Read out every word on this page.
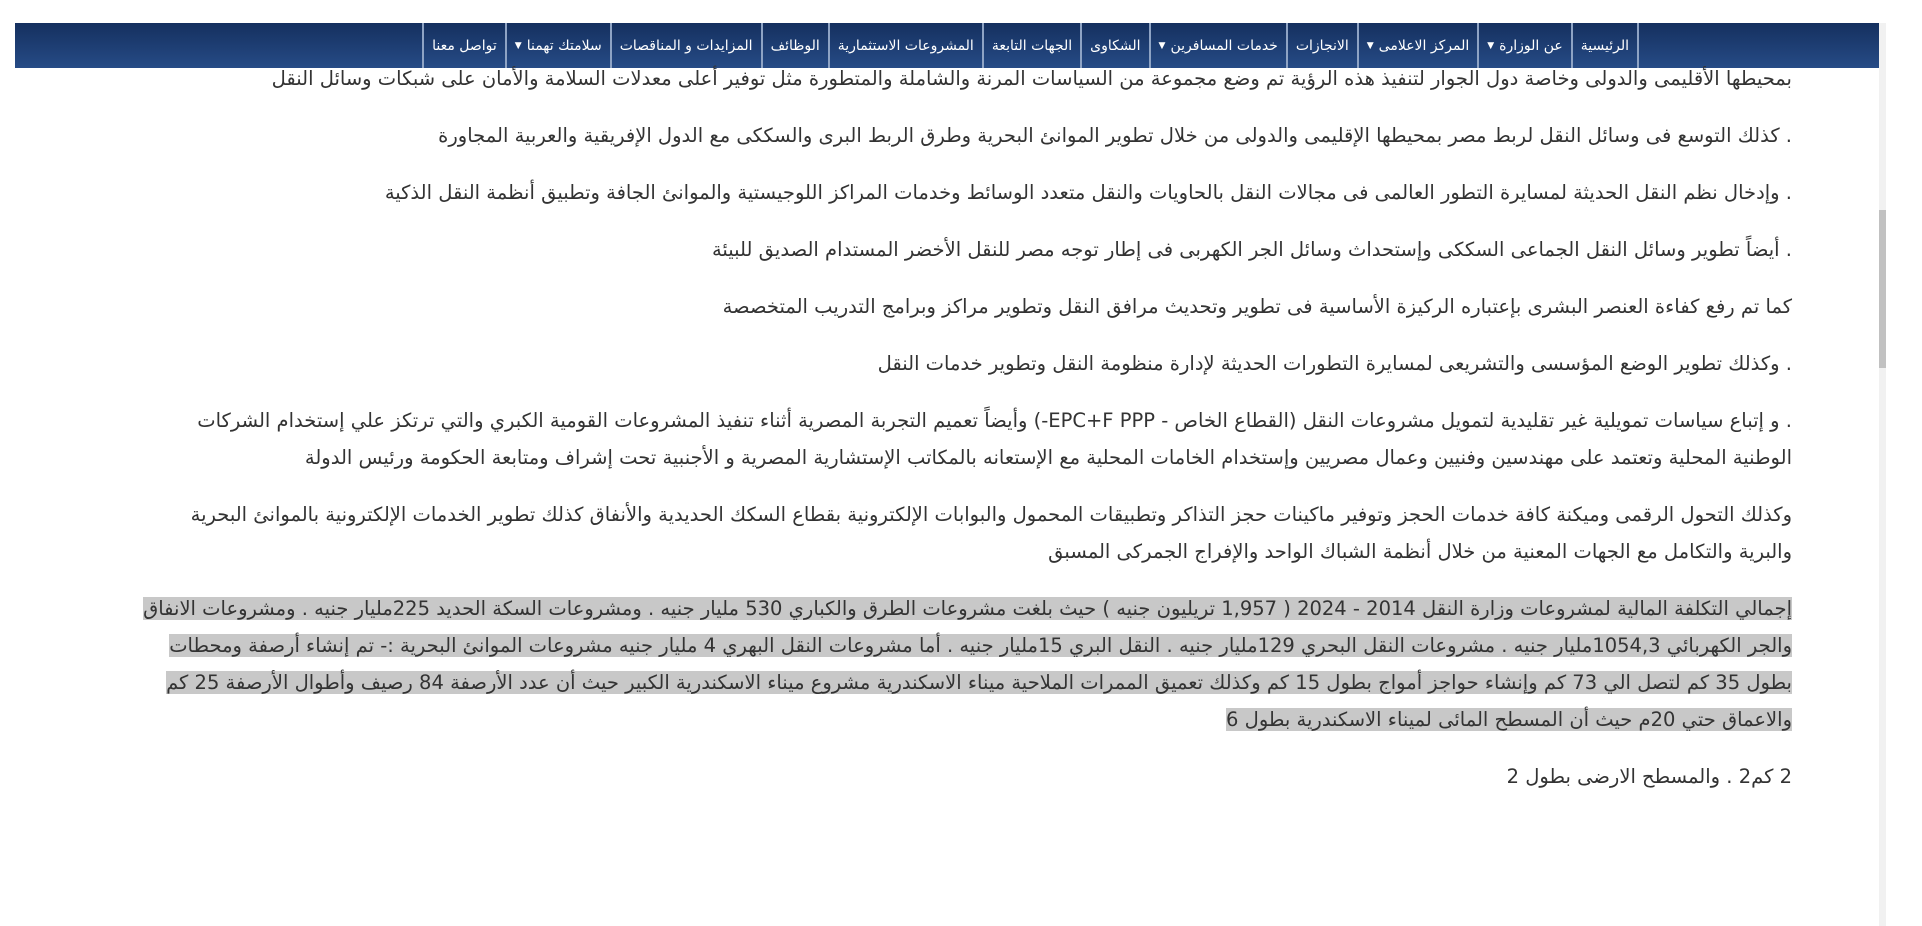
الرئيسية
عن الوزارة
▼
المركز الاعلامى
▼
الانجازات
خدمات المسافرين
▼
الشكاوى
الجهات التابعة
المشروعات الاستثمارية
الوظائف
المزايدات و المناقصات
سلامتك تهمنا
▼
تواصل معنا

بمحيطها الأقليمى والدولى وخاصة دول الجوار لتنفيذ هذه الرؤية تم وضع مجموعة من السياسات المرنة والشاملة والمتطورة مثل توفير أعلى معدلات السلامة والأمان على شبكات وسائل النقل

. كذلك التوسع فى وسائل النقل لربط مصر بمحيطها الإقليمى والدولى من خلال تطوير الموانئ البحرية وطرق الربط البرى والسككى مع الدول الإفريقية والعربية المجاورة

. وإدخال نظم النقل الحديثة لمسايرة التطور العالمى فى مجالات النقل بالحاويات والنقل متعدد الوسائط وخدمات المراكز اللوجيستية والموانئ الجافة وتطبيق أنظمة النقل الذكية

. أيضاً تطوير وسائل النقل الجماعى السككى وإستحداث وسائل الجر الكهربى فى إطار توجه مصر للنقل الأخضر المستدام الصديق للبيئة

كما تم رفع كفاءة العنصر البشرى بإعتباره الركيزة الأساسية فى تطوير وتحديث مرافق النقل وتطوير مراكز وبرامج التدريب المتخصصة

. وكذلك تطوير الوضع المؤسسى والتشريعى لمسايرة التطورات الحديثة لإدارة منظومة النقل وتطوير خدمات النقل

. و إتباع سياسات تمويلية غير تقليدية لتمويل مشروعات النقل (القطاع الخاص - EPC+F PPP-) وأيضاً تعميم التجربة المصرية أثناء تنفيذ المشروعات القومية الكبري والتي ترتكز علي إستخدام الشركات الوطنية المحلية وتعتمد على مهندسين وفنيين وعمال مصريين وإستخدام الخامات المحلية مع الإستعانه بالمكاتب الإستشارية المصرية و الأجنبية تحت إشراف ومتابعة الحكومة ورئيس الدولة

وكذلك التحول الرقمى وميكنة كافة خدمات الحجز وتوفير ماكينات حجز التذاكر وتطبيقات المحمول والبوابات الإلكترونية بقطاع السكك الحديدية والأنفاق كذلك تطوير الخدمات الإلكترونية بالموانئ البحرية والبرية والتكامل مع الجهات المعنية من خلال أنظمة الشباك الواحد والإفراج الجمركى المسبق

إجمالي التكلفة المالية لمشروعات وزارة النقل 2014 - 2024 ( 1,957 تريليون جنيه ) حيث بلغت مشروعات الطرق والكباري 530 مليار جنيه . ومشروعات السكة الحديد 225مليار جنيه . ومشروعات الانفاق والجر الكهربائي 1054,3مليار جنيه . مشروعات النقل البحري 129مليار جنيه . النقل البري 15مليار جنيه . أما مشروعات النقل البهري 4 مليار جنيه مشروعات الموانئ البحرية :- تم إنشاء أرصفة ومحطات بطول 35 كم لتصل الي 73 كم وإنشاء حواجز أمواج بطول 15 كم وكذلك تعميق الممرات الملاحية ميناء الاسكندرية مشروع ميناء الاسكندرية الكبير حيث أن عدد الأرصفة 84 رصيف وأطوال الأرصفة 25 كم والاعماق حتي 20م حيث أن المسطح المائى لميناء الاسكندرية بطول 6

2 كم2 . والمسطح الارضى بطول 2
